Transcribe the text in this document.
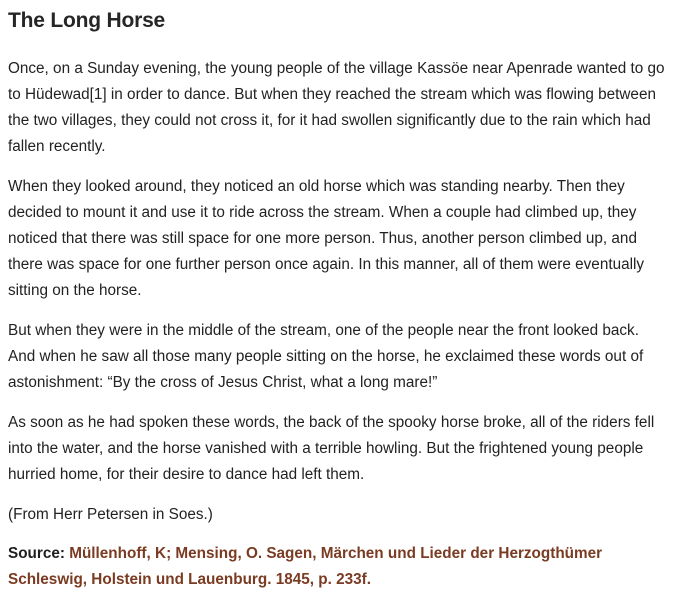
The Long Horse

Once, on a Sunday evening, the young people of the village Kassöe near Apenrade wanted to go to Hüdewad[1] in order to dance. But when they reached the stream which was flowing between the two villages, they could not cross it, for it had swollen significantly due to the rain which had fallen recently.

When they looked around, they noticed an old horse which was standing nearby. Then they decided to mount it and use it to ride across the stream. When a couple had climbed up, they noticed that there was still space for one more person. Thus, another person climbed up, and there was space for one further person once again. In this manner, all of them were eventually sitting on the horse.

But when they were in the middle of the stream, one of the people near the front looked back. And when he saw all those many people sitting on the horse, he exclaimed these words out of astonishment: “By the cross of Jesus Christ, what a long mare!”

As soon as he had spoken these words, the back of the spooky horse broke, all of the riders fell into the water, and the horse vanished with a terrible howling. But the frightened young people hurried home, for their desire to dance had left them.

(From Herr Petersen in Soes.)

Source: Müllenhoff, K; Mensing, O. Sagen, Märchen und Lieder der Herzogthümer Schleswig, Holstein und Lauenburg. 1845, p. 233f.
